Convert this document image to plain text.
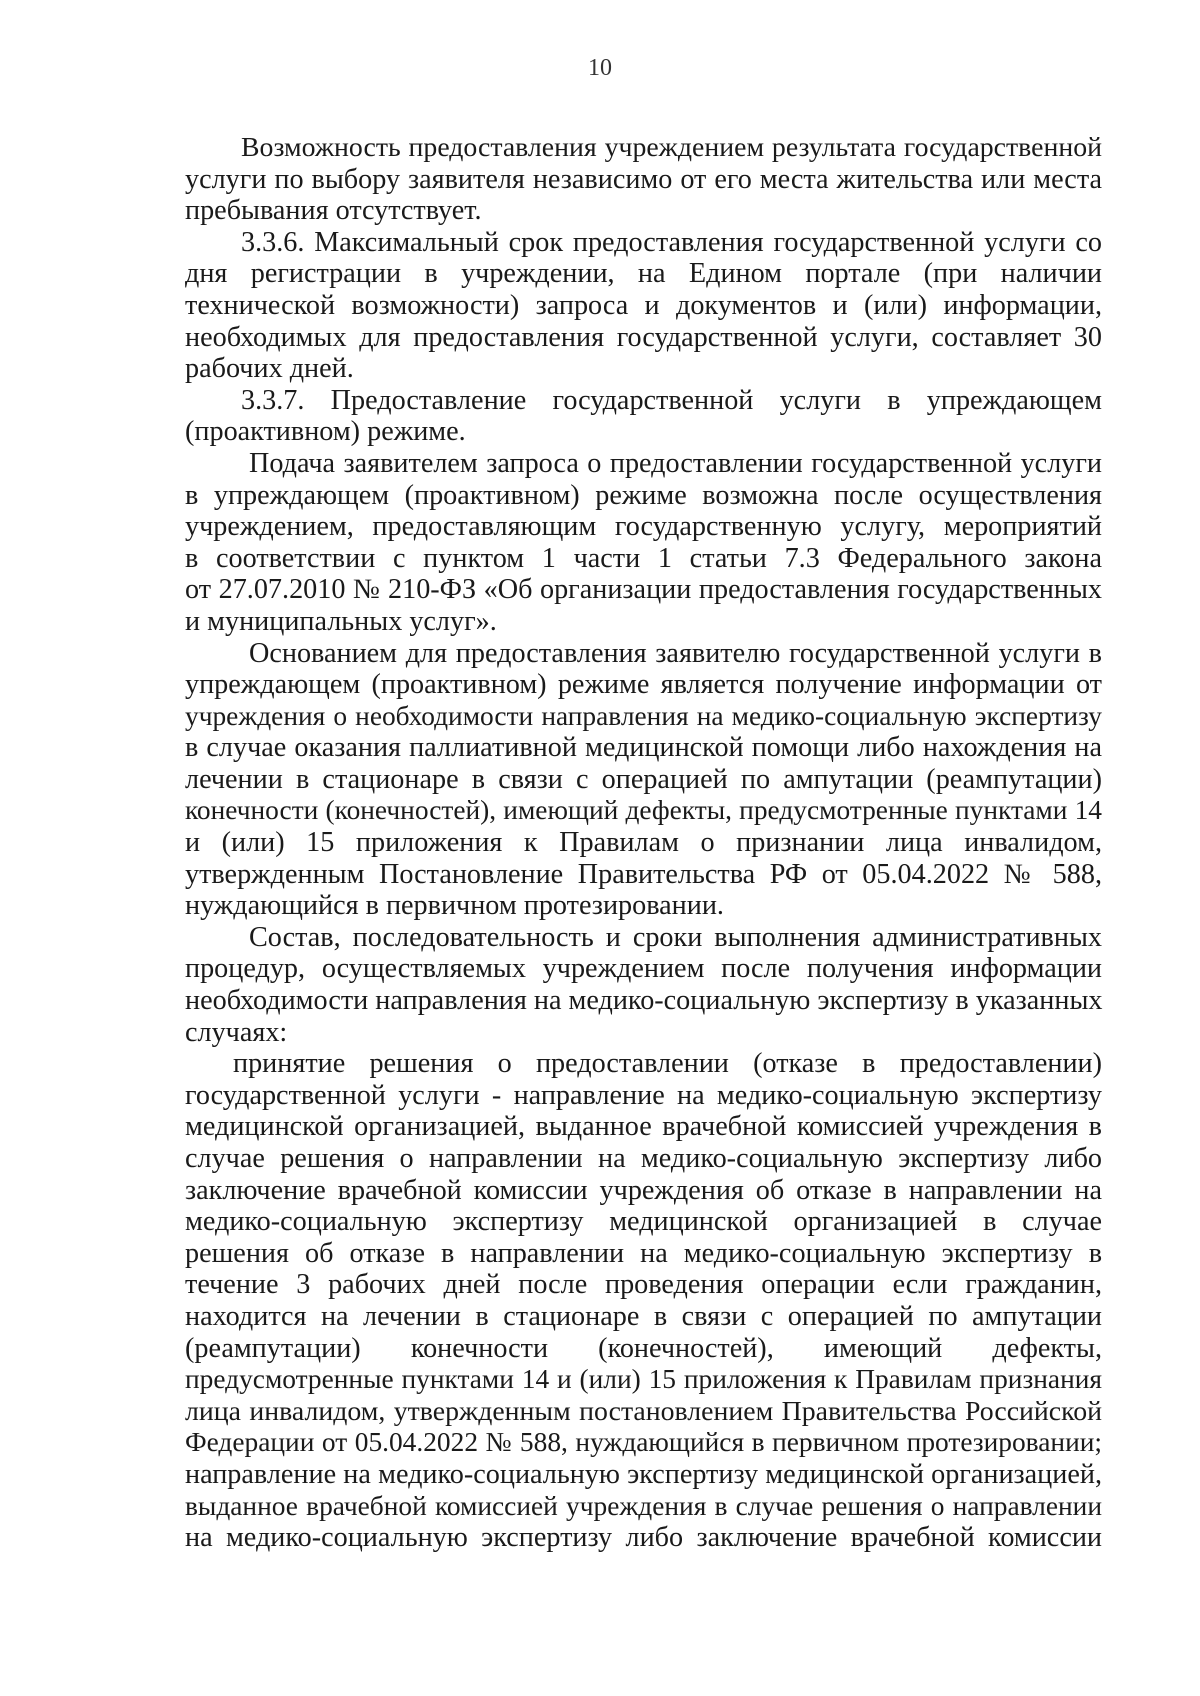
10
Возможность предоставления учреждением результата государственной
услуги по выбору заявителя независимо от его места жительства или места
пребывания отсутствует.
3.3.6. Максимальный срок предоставления государственной услуги со
дня регистрации в учреждении, на Едином портале (при наличии
технической возможности) запроса и документов и (или) информации,
необходимых для предоставления государственной услуги, составляет 30
рабочих дней.
3.3.7. Предоставление государственной услуги в упреждающем
(проактивном) режиме.
Подача заявителем запроса о предоставлении государственной услуги
в упреждающем (проактивном) режиме возможна после осуществления
учреждением, предоставляющим государственную услугу, мероприятий
в соответствии с пунктом 1 части 1 статьи 7.3 Федерального закона
от 27.07.2010 № 210-ФЗ «Об организации предоставления государственных
и муниципальных услуг».
Основанием для предоставления заявителю государственной услуги в
упреждающем (проактивном) режиме является получение информации от
учреждения о необходимости направления на медико-социальную экспертизу
в случае оказания паллиативной медицинской помощи либо нахождения на
лечении в стационаре в связи с операцией по ампутации (реампутации)
конечности (конечностей), имеющий дефекты, предусмотренные пунктами 14
и (или) 15 приложения к Правилам о признании лица инвалидом,
утвержденным Постановление Правительства РФ от 05.04.2022 № 588,
нуждающийся в первичном протезировании.
Состав, последовательность и сроки выполнения административных
процедур, осуществляемых учреждением после получения информации
необходимости направления на медико-социальную экспертизу в указанных
случаях:
принятие решения о предоставлении (отказе в предоставлении)
государственной услуги - направление на медико-социальную экспертизу
медицинской организацией, выданное врачебной комиссией учреждения в
случае решения о направлении на медико-социальную экспертизу либо
заключение врачебной комиссии учреждения об отказе в направлении на
медико-социальную экспертизу медицинской организацией в случае
решения об отказе в направлении на медико-социальную экспертизу в
течение 3 рабочих дней после проведения операции если гражданин,
находится на лечении в стационаре в связи с операцией по ампутации
(реампутации) конечности (конечностей), имеющий дефекты,
предусмотренные пунктами 14 и (или) 15 приложения к Правилам признания
лица инвалидом, утвержденным постановлением Правительства Российской
Федерации от 05.04.2022 № 588, нуждающийся в первичном протезировании;
направление на медико-социальную экспертизу медицинской организацией,
выданное врачебной комиссией учреждения в случае решения о направлении
на медико-социальную экспертизу либо заключение врачебной комиссии
